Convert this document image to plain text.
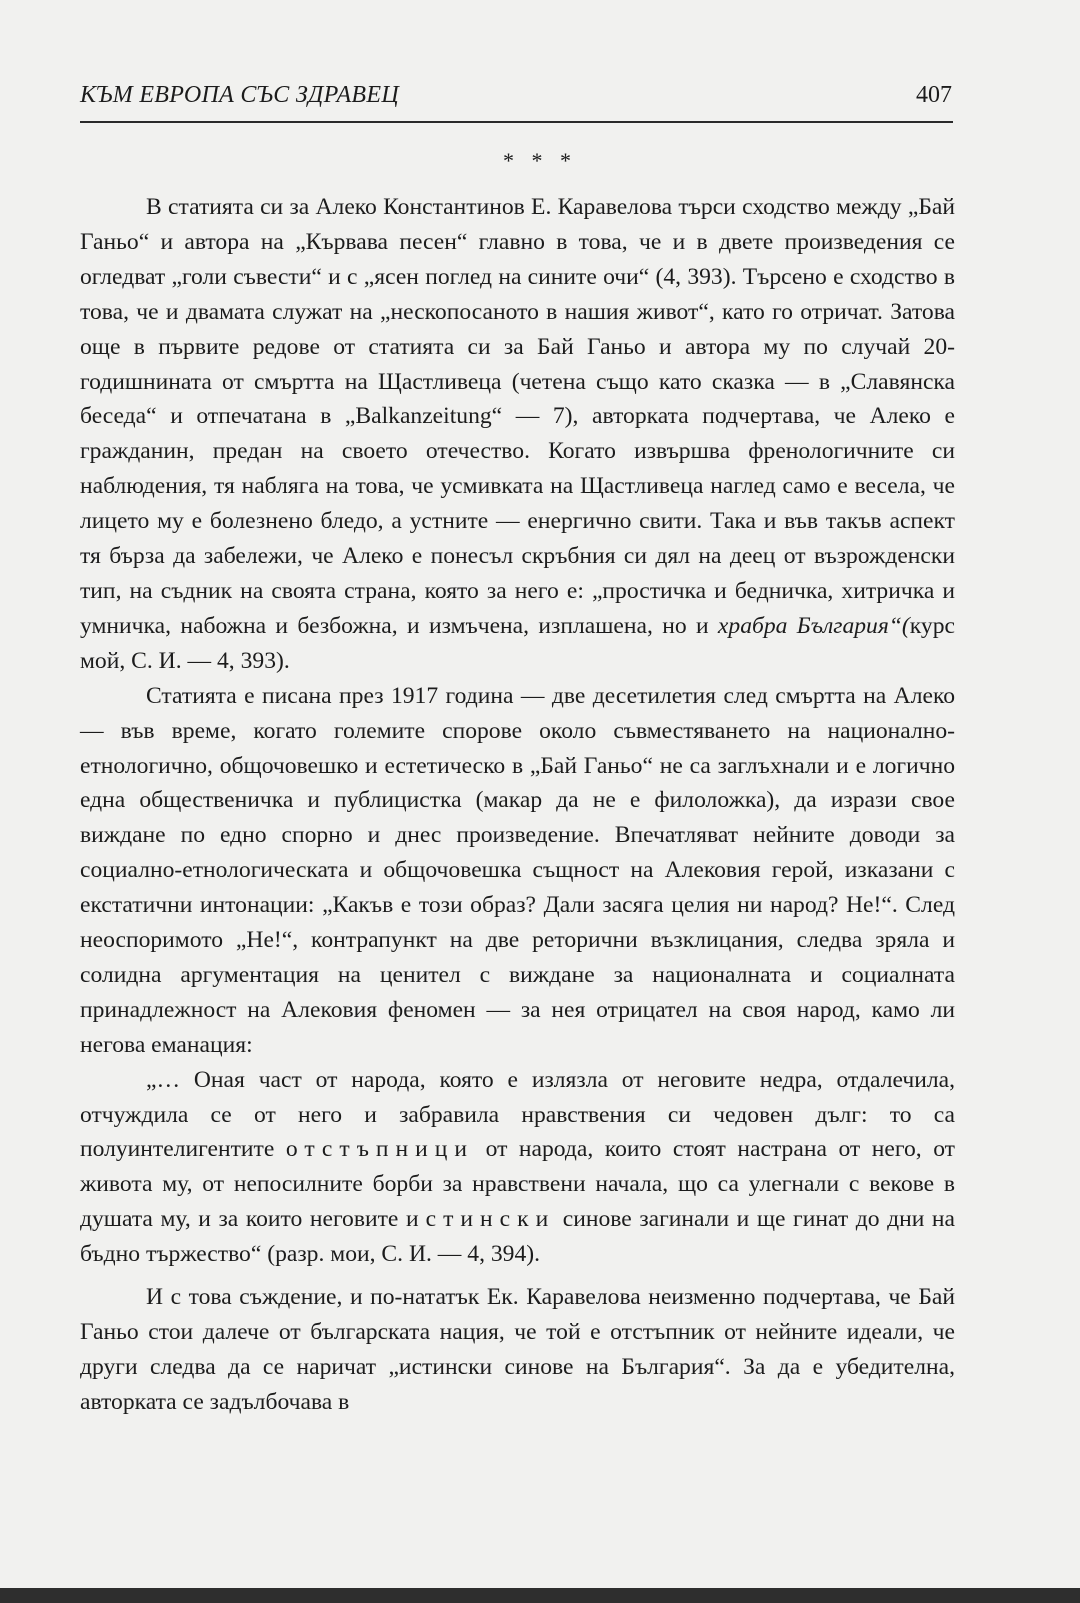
КЪМ ЕВРОПА СЪС ЗДРАВЕЦ	407
* * *

В статията си за Алеко Константинов Е. Каравелова търси сходство между „Бай Ганьо“ и автора на „Кървава песен“ главно в това, че и в двете произведения се огледват „голи съвести“ и с „ясен поглед на сините очи“ (4, 393). Търсено е сходство в това, че и двамата служат на „нескопосаното в нашия живот“, като го отричат. Затова още в първите редове от статията си за Бай Ганьо и автора му по случай 20-годишнината от смъртта на Щастливеца (четена също като сказка — в „Славянска беседа“ и отпечатана в „Balkanzeitung“ — 7), авторката подчертава, че Алеко е гражданин, предан на своето отечество. Когато извършва френологичните си наблюдения, тя набляга на това, че усмивката на Щастливеца наглед само е весела, че лицето му е болезнено бледо, а устните — енергично свити. Така и във такъв аспект тя бърза да забележи, че Алеко е понесъл скръбния си дял на деец от възрожденски тип, на съдник на своята страна, която за него е: „простичка и бедничка, хитричка и умничка, набожна и безбожна, и измъчена, изплашена, но и храбра България“(курс мой, С. И. — 4, 393).

Статията е писана през 1917 година — две десетилетия след смъртта на Алеко — във време, когато големите спорове около съвместяването на национално-етнологично, общочовешко и естетическо в „Бай Ганьо“ не са заглъхнали и е логично една общественичка и публицистка (макар да не е филоложка), да изрази свое виждане по едно спорно и днес произведение. Впечатляват нейните доводи за социално-етнологическата и общочовешка същност на Алековия герой, изказани с екстатични интонации: „Какъв е този образ? Дали засяга целия ни народ? Не!“. След неоспоримото „Не!“, контрапункт на две реторични възклицания, следва зряла и солидна аргументация на ценител с виждане за националната и социалната принадлежност на Алековия феномен — за нея отрицател на своя народ, камо ли негова еманация:

„… Оная част от народа, която е излязла от неговите недра, отдалечила, отчуждила се от него и забравила нравствения си чедовен дълг: то са полуинтелигентите отстъпници от народа, които стоят настрана от него, от живота му, от непосилните борби за нравствени начала, що са улегнали с векове в душата му, и за които неговите истински синове загинали и ще гинат до дни на бъдно тържество“ (разр. мои, С. И. — 4, 394).

И с това съждение, и по-нататък Ек. Каравелова неизменно подчертава, че Бай Ганьо стои далече от българската нация, че той е отстъпник от нейните идеали, че други следва да се наричат „истински синове на България“. За да е убедителна, авторката се задълбочава в
